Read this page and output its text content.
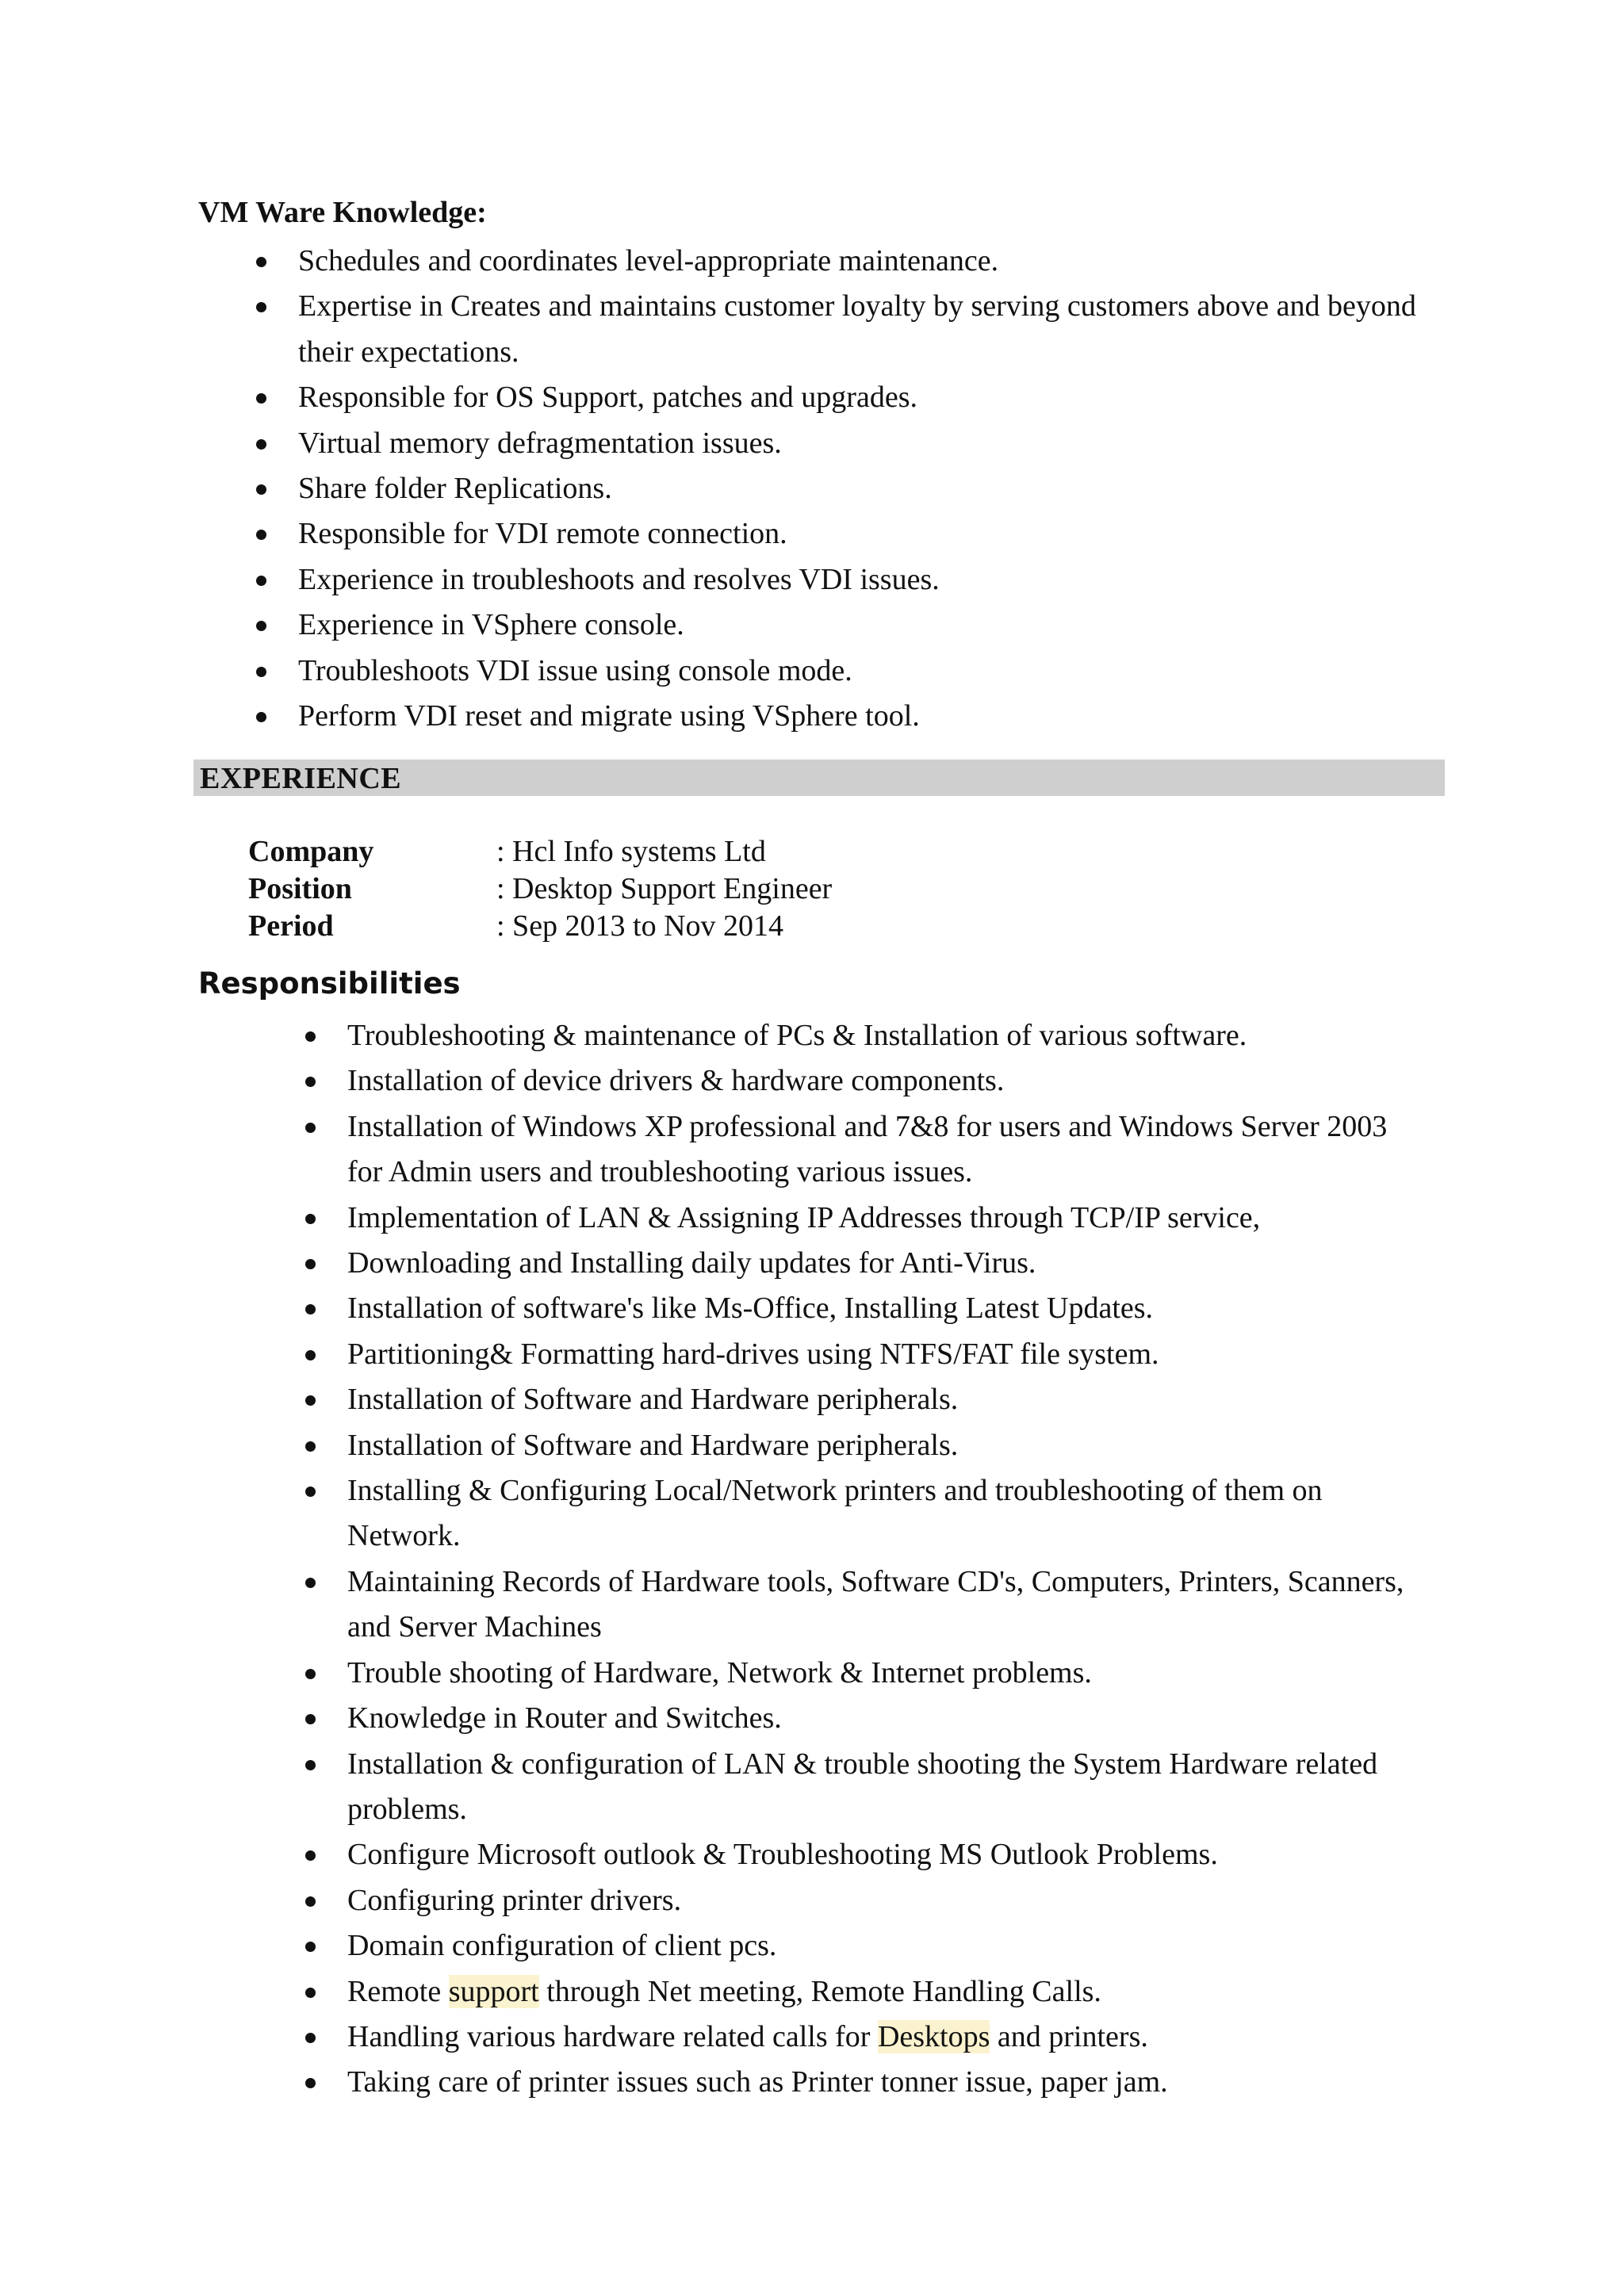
VM Ware Knowledge:
Schedules and coordinates level-appropriate maintenance.
Expertise in Creates and maintains customer loyalty by serving customers above and beyond their expectations.
Responsible for OS Support, patches and upgrades.
Virtual memory defragmentation issues.
Share folder Replications.
Responsible for VDI remote connection.
Experience in troubleshoots and resolves VDI issues.
Experience in VSphere console.
Troubleshoots VDI issue using console mode.
Perform VDI reset and migrate using VSphere tool.
EXPERIENCE
Company	: Hcl Info systems Ltd
Position	: Desktop Support Engineer
Period	: Sep 2013 to Nov 2014
Responsibilities
Troubleshooting & maintenance of PCs & Installation of various software.
Installation of device drivers & hardware components.
Installation of Windows XP professional and 7&8 for users and Windows Server 2003 for Admin users and troubleshooting various issues.
Implementation of LAN & Assigning IP Addresses through TCP/IP service,
Downloading and Installing daily updates for Anti-Virus.
Installation of software's like Ms-Office, Installing Latest Updates.
Partitioning& Formatting hard-drives using NTFS/FAT file system.
Installation of Software and Hardware peripherals.
Installation of Software and Hardware peripherals.
Installing & Configuring Local/Network printers and troubleshooting of them on Network.
Maintaining Records of Hardware tools, Software CD's, Computers, Printers, Scanners, and Server Machines
Trouble shooting of Hardware, Network & Internet problems.
Knowledge in Router and Switches.
Installation & configuration of LAN & trouble shooting the System Hardware related problems.
Configure Microsoft outlook & Troubleshooting MS Outlook Problems.
Configuring printer drivers.
Domain configuration of client pcs.
Remote support through Net meeting, Remote Handling Calls.
Handling various hardware related calls for Desktops and printers.
Taking care of printer issues such as Printer tonner issue, paper jam.
